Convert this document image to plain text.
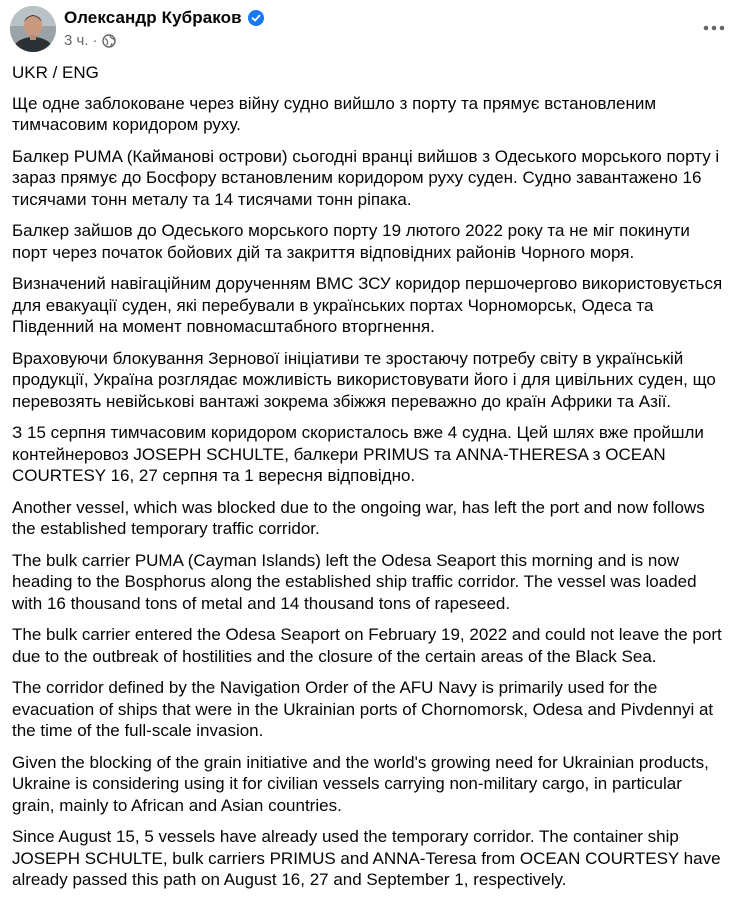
Олександр Кубраков
3 ч. ·

UKR / ENG

Ще одне заблоковане через війну судно вийшло з порту та прямує встановленим тимчасовим коридором руху.

Балкер PUMA (Кайманові острови) сьогодні вранці вийшов з Одеського морського порту і зараз прямує до Босфору встановленим коридором руху суден. Судно завантажено 16 тисячами тонн металу та 14 тисячами тонн ріпака.

Балкер зайшов до Одеського морського порту 19 лютого 2022 року та не міг покинути порт через початок бойових дій та закриття відповідних районів Чорного моря.

Визначений навігаційним дорученням ВМС ЗСУ коридор першочергово використовується для евакуації суден, які перебували в українських портах Чорноморськ, Одеса та Південний на момент повномасштабного вторгнення.

Враховуючи блокування Зернової ініціативи те зростаючу потребу світу в українській продукції, Україна розглядає можливість використовувати його і для цивільних суден, що перевозять невійськові вантажі зокрема збіжжя переважно до країн Африки та Азії.

З 15 серпня тимчасовим коридором скористалось вже 4 судна. Цей шлях вже пройшли контейнеровоз JOSEPH SCHULTE, балкери PRIMUS та ANNA-THERESA з OCEAN COURTESY 16, 27 серпня та 1 вересня відповідно.

Another vessel, which was blocked due to the ongoing war, has left the port and now follows the established temporary traffic corridor.

The bulk carrier PUMA (Cayman Islands) left the Odesa Seaport this morning and is now heading to the Bosphorus along the established ship traffic corridor. The vessel was loaded with 16 thousand tons of metal and 14 thousand tons of rapeseed.

The bulk carrier entered the Odesa Seaport on February 19, 2022 and could not leave the port due to the outbreak of hostilities and the closure of the certain areas of the Black Sea.

The corridor defined by the Navigation Order of the AFU Navy is primarily used for the evacuation of ships that were in the Ukrainian ports of Chornomorsk, Odesa and Pivdennyi at the time of the full-scale invasion.

Given the blocking of the grain initiative and the world's growing need for Ukrainian products, Ukraine is considering using it for civilian vessels carrying non-military cargo, in particular grain, mainly to African and Asian countries.

Since August 15, 5 vessels have already used the temporary corridor. The container ship JOSEPH SCHULTE, bulk carriers PRIMUS and ANNA-Teresa from OCEAN COURTESY have already passed this path on August 16, 27 and September 1, respectively.
